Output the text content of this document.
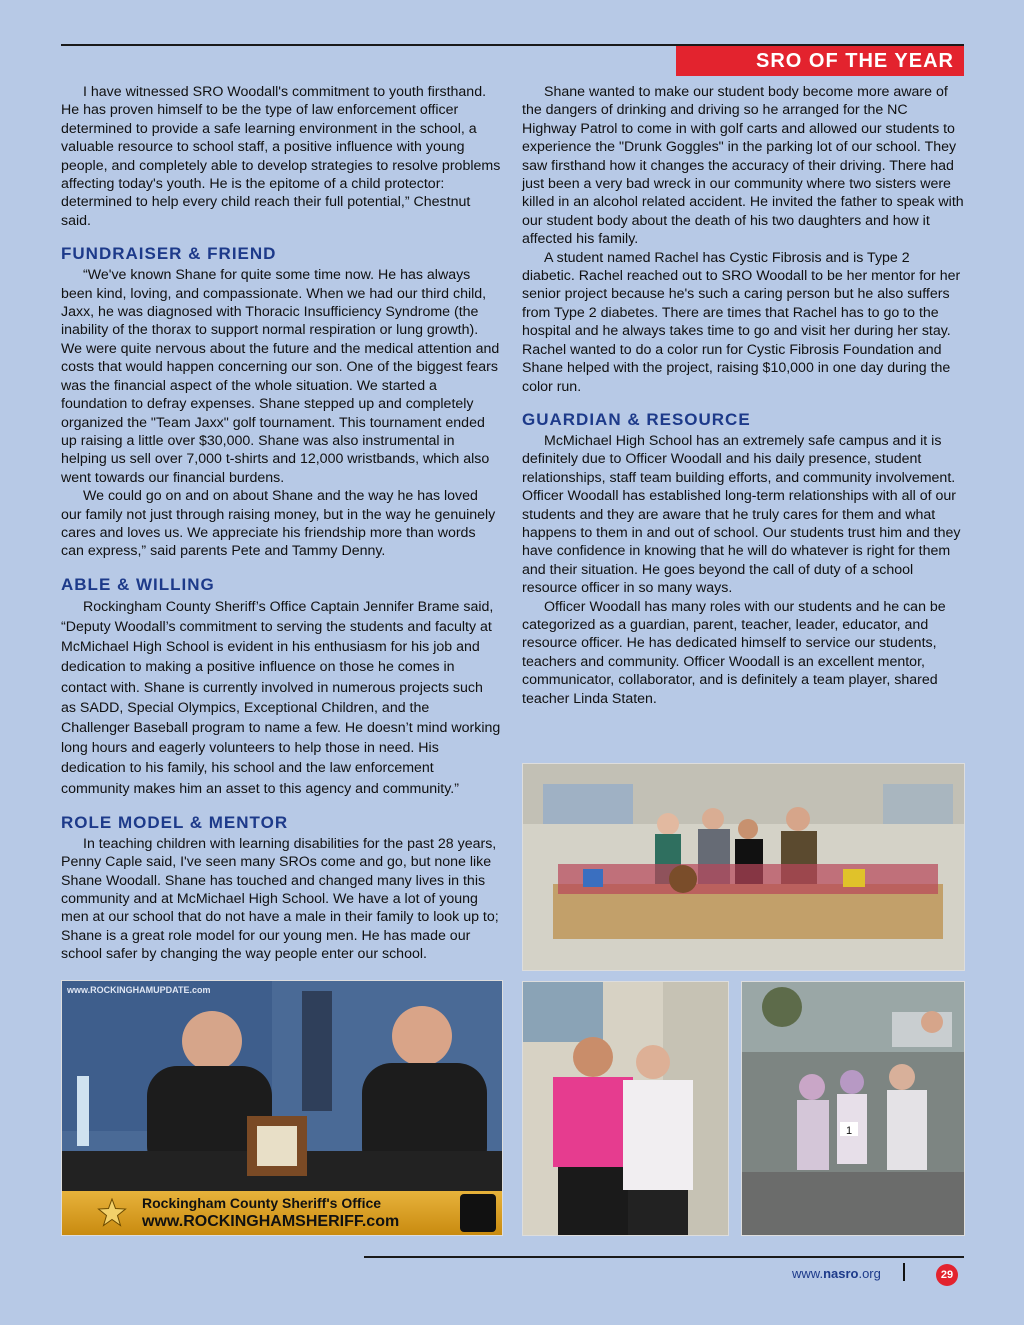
SRO OF THE YEAR

I have witnessed SRO Woodall's commitment to youth firsthand. He has proven himself to be the type of law enforcement officer determined to provide a safe learning environment in the school, a valuable resource to school staff, a positive influence with young people, and completely able to develop strategies to resolve problems affecting today's youth. He is the epitome of a child protector: determined to help every child reach their full potential,” Chestnut said.

FUNDRAISER & FRIEND

“We've known Shane for quite some time now. He has always been kind, loving, and compassionate. When we had our third child, Jaxx, he was diagnosed with Thoracic Insufficiency Syndrome (the inability of the thorax to support normal respiration or lung growth). We were quite nervous about the future and the medical attention and costs that would happen concerning our son. One of the biggest fears was the financial aspect of the whole situation. We started a foundation to defray expenses. Shane stepped up and completely organized the "Team Jaxx" golf tournament. This tournament ended up raising a little over $30,000. Shane was also instrumental in helping us sell over 7,000 t-shirts and 12,000 wristbands, which also went towards our financial burdens.

We could go on and on about Shane and the way he has loved our family not just through raising money, but in the way he genuinely cares and loves us. We appreciate his friendship more than words can express,” said parents Pete and Tammy Denny.

ABLE & WILLING

Rockingham County Sheriff’s Office Captain Jennifer Brame said, “Deputy Woodall’s commitment to serving the students and faculty at McMichael High School is evident in his enthusiasm for his job and dedication to making a positive influence on those he comes in contact with. Shane is currently involved in numerous projects such as SADD, Special Olympics, Exceptional Children, and the Challenger Baseball program to name a few. He doesn’t mind working long hours and eagerly volunteers to help those in need. His dedication to his family, his school and the law enforcement community makes him an asset to this agency and community.”

ROLE MODEL & MENTOR

In teaching children with learning disabilities for the past 28 years, Penny Caple said, I've seen many SROs come and go, but none like Shane Woodall. Shane has touched and changed many lives in this community and at McMichael High School. We have a lot of young men at our school that do not have a male in their family to look up to; Shane is a great role model for our young men. He has made our school safer by changing the way people enter our school.

Shane wanted to make our student body become more aware of the dangers of drinking and driving so he arranged for the NC Highway Patrol to come in with golf carts and allowed our students to experience the "Drunk Goggles" in the parking lot of our school. They saw firsthand how it changes the accuracy of their driving. There had just been a very bad wreck in our community where two sisters were killed in an alcohol related accident. He invited the father to speak with our student body about the death of his two daughters and how it affected his family.

A student named Rachel has Cystic Fibrosis and is Type 2 diabetic. Rachel reached out to SRO Woodall to be her mentor for her senior project because he's such a caring person but he also suffers from Type 2 diabetes. There are times that Rachel has to go to the hospital and he always takes time to go and visit her during her stay. Rachel wanted to do a color run for Cystic Fibrosis Foundation and Shane helped with the project, raising $10,000 in one day during the color run.

GUARDIAN & RESOURCE

McMichael High School has an extremely safe campus and it is definitely due to Officer Woodall and his daily presence, student relationships, staff team building efforts, and community involvement. Officer Woodall has established long-term relationships with all of our students and they are aware that he truly cares for them and what happens to them in and out of school. Our students trust him and they have confidence in knowing that he will do whatever is right for them and their situation. He goes beyond the call of duty of a school resource officer in so many ways.

Officer Woodall has many roles with our students and he can be categorized as a guardian, parent, teacher, leader, educator, and resource officer. He has dedicated himself to service our students, teachers and community. Officer Woodall is an excellent mentor, communicator, collaborator, and is definitely a team player, shared teacher Linda Staten.

www.ROCKINGHAMUPDATE.com
Rockingham County Sheriff's Office
www.ROCKINGHAMSHERIFF.com
1
www.nasro.org	29
